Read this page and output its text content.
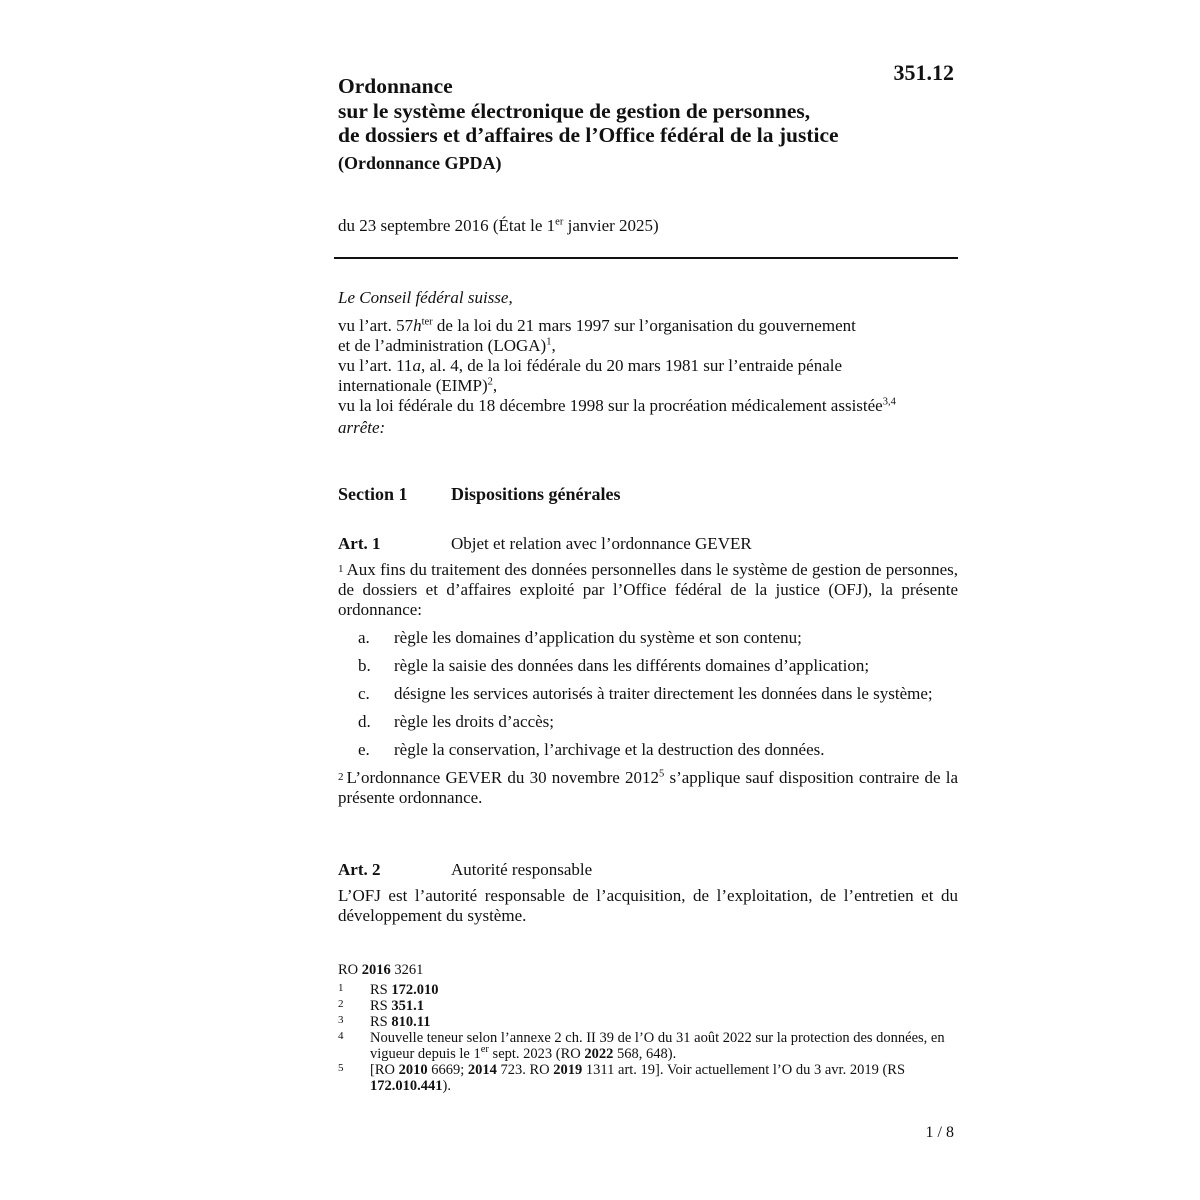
351.12
Ordonnance
sur le système électronique de gestion de personnes,
de dossiers et d’affaires de l’Office fédéral de la justice
(Ordonnance GPDA)
du 23 septembre 2016 (État le 1er janvier 2025)
Le Conseil fédéral suisse,
vu l’art. $57h^{ter}$ de la loi du 21 mars 1997 sur l’organisation du gouvernement
et de l’administration (LOGA)$^1$,
vu l’art. 11a, al. 4, de la loi fédérale du 20 mars 1981 sur l’entraide pénale
internationale (EIMP)$^2$,
vu la loi fédérale du 18 décembre 1998 sur la procréation médicalement assistée$^{3,4}$
arrête:
Section 1 Dispositions générales
Art. 1	Objet et relation avec l’ordonnance GEVER
$^1$ Aux fins du traitement des données personnelles dans le système de gestion de personnes, de dossiers et d’affaires exploité par l’Office fédéral de la justice (OFJ), la présente ordonnance:
a.	règle les domaines d’application du système et son contenu;
b.	règle la saisie des données dans les différents domaines d’application;
c.	désigne les services autorisés à traiter directement les données dans le système;
d.	règle les droits d’accès;
e.	règle la conservation, l’archivage et la destruction des données.
$^2$ L’ordonnance GEVER du 30 novembre 2012$^5$ s’applique sauf disposition contraire de la présente ordonnance.
Art. 2	Autorité responsable
L’OFJ est l’autorité responsable de l’acquisition, de l’exploitation, de l’entretien et du développement du système.
RO 2016 3261
1	RS 172.010
2	RS 351.1
3	RS 810.11
4	Nouvelle teneur selon l’annexe 2 ch. II 39 de l’O du 31 août 2022 sur la protection des données, en vigueur depuis le 1er sept. 2023 (RO 2022 568, 648).
5	[RO 2010 6669; 2014 723. RO 2019 1311 art. 19]. Voir actuellement l’O du 3 avr. 2019 (RS 172.010.441).
1 / 8
